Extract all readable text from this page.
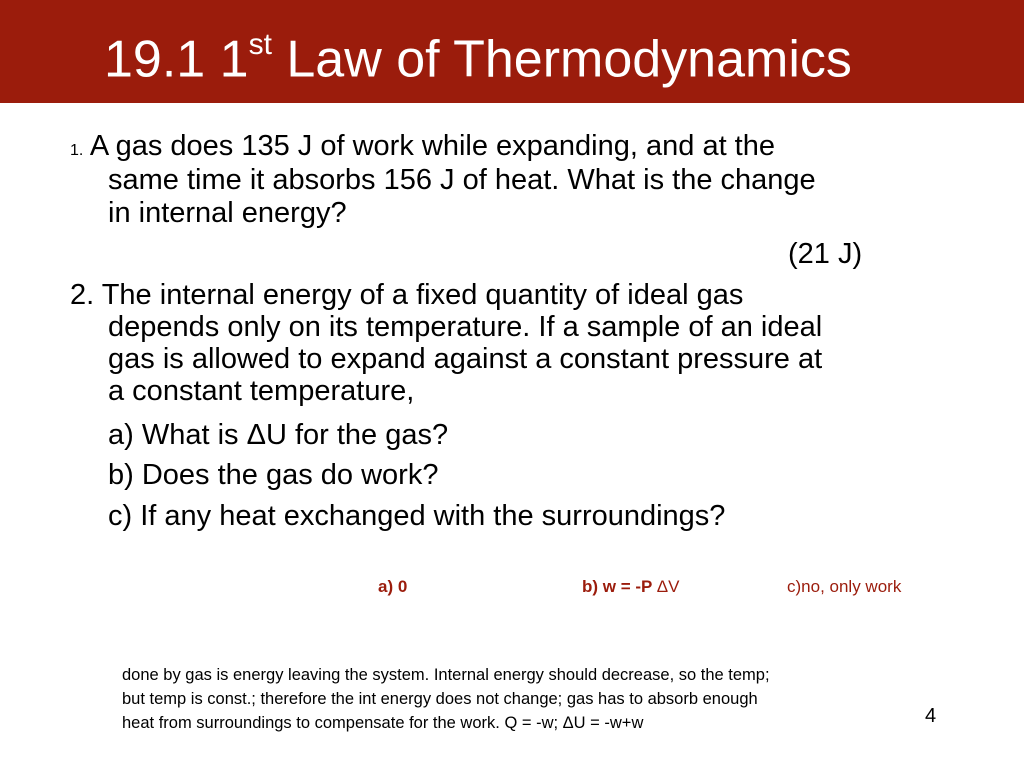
19.1 1st Law of Thermodynamics
1. A gas does 135 J of work while expanding, and at the
same time it absorbs 156 J of heat. What is the change
in internal energy?
(21 J)
2. The internal energy of a fixed quantity of ideal gas
depends only on its temperature. If a sample of an ideal
gas is allowed to expand against a constant pressure at
a constant temperature,
a) What is ΔU for the gas?
b) Does the gas do work?
c) If any heat exchanged with the surroundings?
a) 0	b) w = -P ΔV	c)no, only work
done by gas is energy leaving the system. Internal energy should decrease, so the temp;
but temp is const.; therefore the int energy does not change; gas has to absorb enough
heat from surroundings to compensate for the work. Q = -w; ΔU = -w+w	4
